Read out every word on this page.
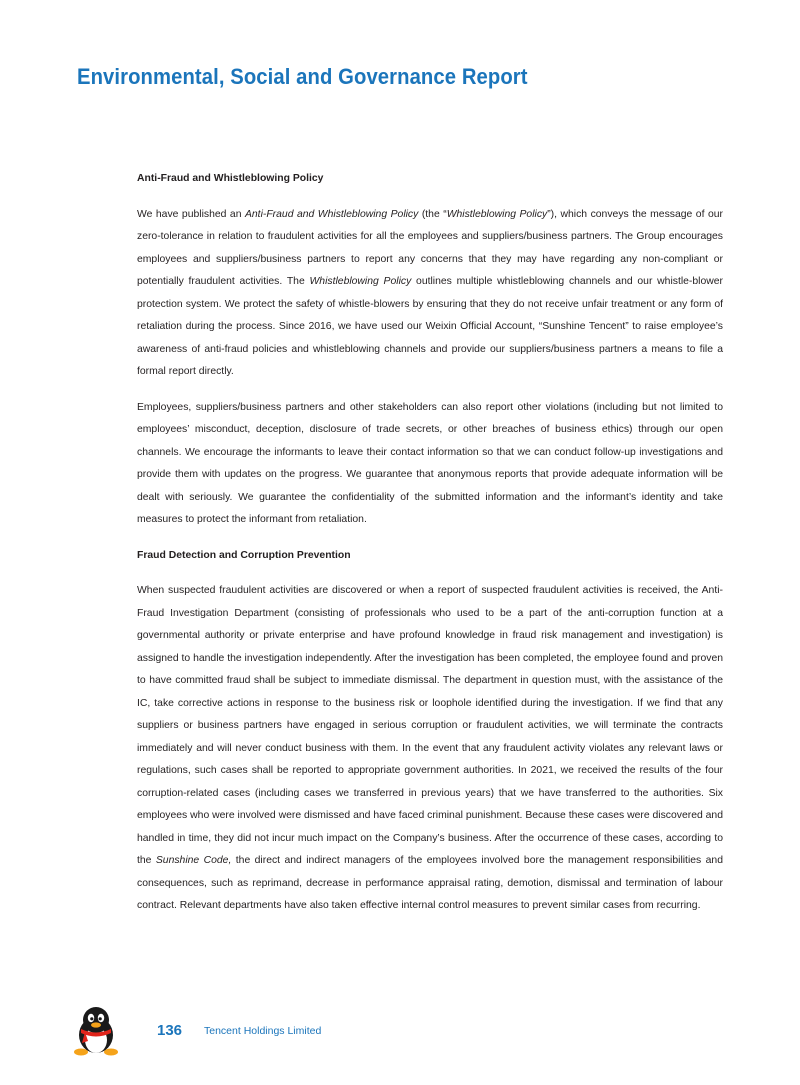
Environmental, Social and Governance Report
Anti-Fraud and Whistleblowing Policy

We have published an Anti-Fraud and Whistleblowing Policy (the “Whistleblowing Policy”), which conveys the message of our zero-tolerance in relation to fraudulent activities for all the employees and suppliers/business partners. The Group encourages employees and suppliers/business partners to report any concerns that they may have regarding any non-compliant or potentially fraudulent activities. The Whistleblowing Policy outlines multiple whistleblowing channels and our whistle-blower protection system. We protect the safety of whistle-blowers by ensuring that they do not receive unfair treatment or any form of retaliation during the process. Since 2016, we have used our Weixin Official Account, “Sunshine Tencent” to raise employee’s awareness of anti-fraud policies and whistleblowing channels and provide our suppliers/business partners a means to file a formal report directly.

Employees, suppliers/business partners and other stakeholders can also report other violations (including but not limited to employees’ misconduct, deception, disclosure of trade secrets, or other breaches of business ethics) through our open channels. We encourage the informants to leave their contact information so that we can conduct follow-up investigations and provide them with updates on the progress. We guarantee that anonymous reports that provide adequate information will be dealt with seriously. We guarantee the confidentiality of the submitted information and the informant’s identity and take measures to protect the informant from retaliation.

Fraud Detection and Corruption Prevention

When suspected fraudulent activities are discovered or when a report of suspected fraudulent activities is received, the Anti-Fraud Investigation Department (consisting of professionals who used to be a part of the anti-corruption function at a governmental authority or private enterprise and have profound knowledge in fraud risk management and investigation) is assigned to handle the investigation independently. After the investigation has been completed, the employee found and proven to have committed fraud shall be subject to immediate dismissal. The department in question must, with the assistance of the IC, take corrective actions in response to the business risk or loophole identified during the investigation. If we find that any suppliers or business partners have engaged in serious corruption or fraudulent activities, we will terminate the contracts immediately and will never conduct business with them. In the event that any fraudulent activity violates any relevant laws or regulations, such cases shall be reported to appropriate government authorities. In 2021, we received the results of the four corruption-related cases (including cases we transferred in previous years) that we have transferred to the authorities. Six employees who were involved were dismissed and have faced criminal punishment. Because these cases were discovered and handled in time, they did not incur much impact on the Company’s business. After the occurrence of these cases, according to the Sunshine Code, the direct and indirect managers of the employees involved bore the management responsibilities and consequences, such as reprimand, decrease in performance appraisal rating, demotion, dismissal and termination of labour contract. Relevant departments have also taken effective internal control measures to prevent similar cases from recurring.

136 Tencent Holdings Limited
